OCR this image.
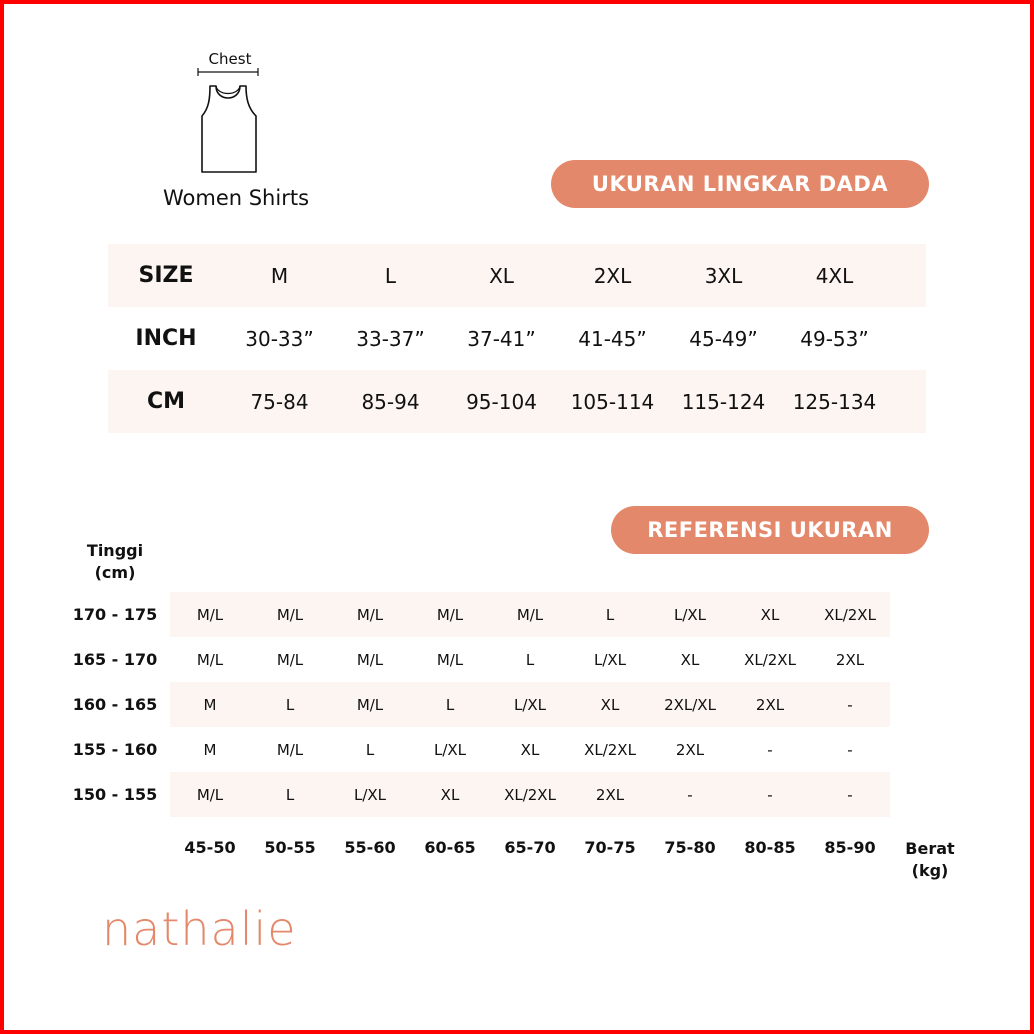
Chest
Women Shirts
UKURAN LINGKAR DADA
SIZE	M	L	XL	2XL	3XL	4XL
INCH	30-33”	33-37”	37-41”	41-45”	45-49”	49-53”
CM	75-84	85-94	95-104	105-114	115-124	125-134
REFERENSI UKURAN
Tinggi
(cm)
170 - 175	M/L	M/L	M/L	M/L	M/L	L	L/XL	XL	XL/2XL
165 - 170	M/L	M/L	M/L	M/L	L	L/XL	XL	XL/2XL	2XL
160 - 165	M	L	M/L	L	L/XL	XL	2XL/XL	2XL	-
155 - 160	M	M/L	L	L/XL	XL	XL/2XL	2XL	-	-
150 - 155	M/L	L	L/XL	XL	XL/2XL	2XL	-	-	-
45-50	50-55	55-60	60-65	65-70	70-75	75-80	80-85	85-90	Berat
(kg)
nathalie
